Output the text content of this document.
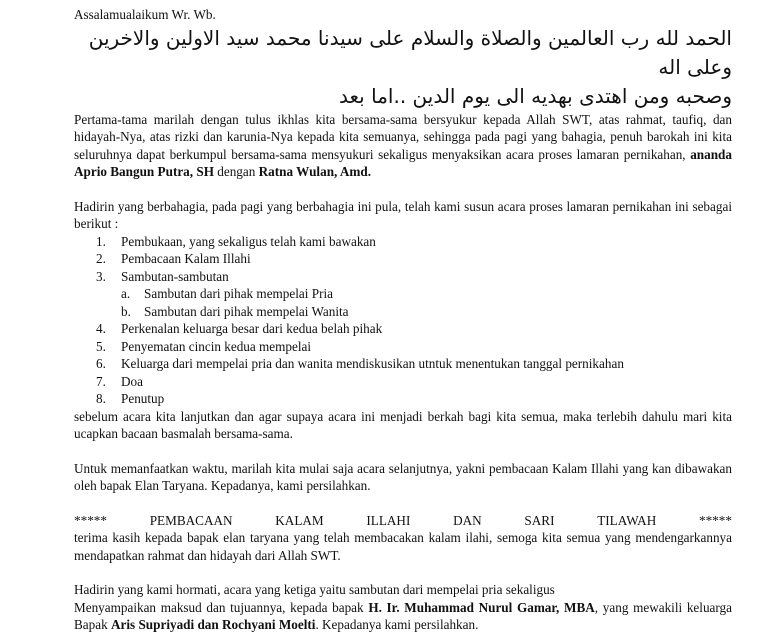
Assalamualaikum Wr. Wb.
الحمد لله رب العالمين والصلاة والسلام على سيدنا محمد سيد الاولين والاخرين وعلى اله
وصحبه ومن اهتدى بهديه الى يوم الدين ..اما بعد
Pertama-tama marilah dengan tulus ikhlas kita bersama-sama bersyukur kepada Allah SWT, atas rahmat, taufiq, dan hidayah-Nya, atas rizki dan karunia-Nya kepada kita semuanya, sehingga pada pagi yang bahagia, penuh barokah ini kita seluruhnya dapat berkumpul bersama-sama mensyukuri sekaligus menyaksikan acara proses lamaran pernikahan, ananda Aprio Bangun Putra, SH dengan Ratna Wulan, Amd.
Hadirin yang berbahagia, pada pagi yang berbahagia ini pula, telah kami susun acara proses lamaran pernikahan ini sebagai berikut :
1. Pembukaan, yang sekaligus telah kami bawakan
2. Pembacaan Kalam Illahi
3. Sambutan-sambutan
a. Sambutan dari pihak mempelai Pria
b. Sambutan dari pihak mempelai Wanita
4. Perkenalan keluarga besar dari kedua belah pihak
5. Penyematan cincin kedua mempelai
6. Keluarga dari mempelai pria dan wanita mendiskusikan utntuk menentukan tanggal pernikahan
7. Doa
8. Penutup
sebelum acara kita lanjutkan dan agar supaya acara ini menjadi berkah bagi kita semua, maka terlebih dahulu mari kita ucapkan bacaan basmalah bersama-sama.
Untuk memanfaatkan waktu, marilah kita mulai saja acara selanjutnya, yakni pembacaan Kalam Illahi yang kan dibawakan oleh bapak Elan Taryana. Kepadanya, kami persilahkan.
*****	PEMBACAAN	KALAM	ILLAHI	DAN	SARI	TILAWAH	*****
terima kasih kepada bapak elan taryana yang telah membacakan kalam ilahi, semoga kita semua yang mendengarkannya mendapatkan rahmat dan hidayah dari Allah SWT.
Hadirin yang kami hormati, acara yang ketiga yaitu sambutan dari mempelai pria sekaligus
Menyampaikan maksud dan tujuannya, kepada bapak H. Ir. Muhammad Nurul Gamar, MBA, yang mewakili keluarga Bapak Aris Supriyadi dan Rochyani Moelti. Kepadanya kami persilahkan.
